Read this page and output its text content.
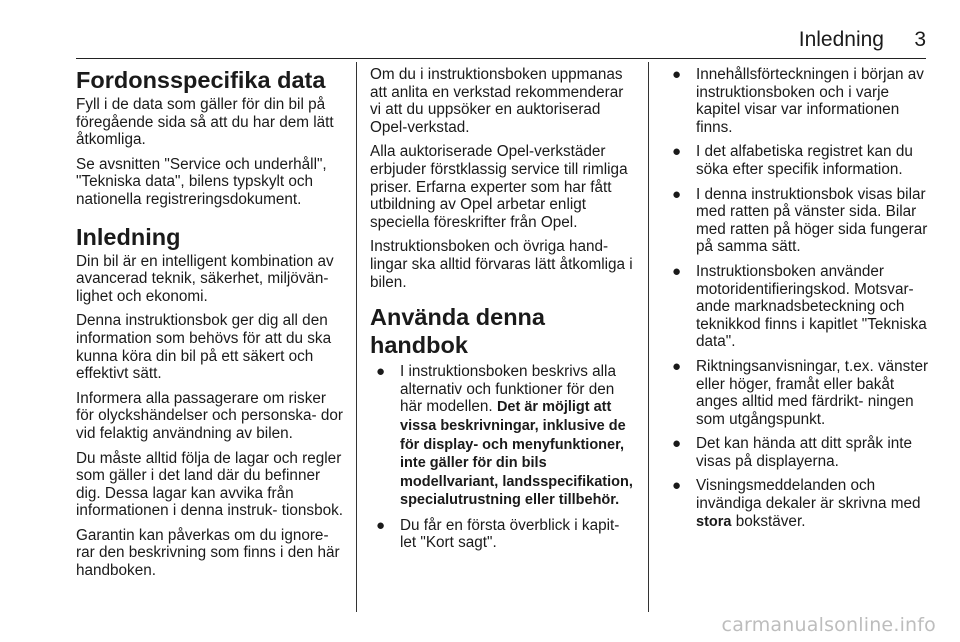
Inledning 3
Fordonsspecifika data

Fyll i de data som gäller för din bil på föregående sida så att du har dem lätt åtkomliga.

Se avsnitten "Service och underhåll", "Tekniska data", bilens typskylt och nationella registreringsdokument.

Inledning

Din bil är en intelligent kombination av avancerad teknik, säkerhet, miljövän- lighet och ekonomi.

Denna instruktionsbok ger dig all den information som behövs för att du ska kunna köra din bil på ett säkert och effektivt sätt.

Informera alla passagerare om risker för olyckshändelser och personska- dor vid felaktig användning av bilen.

Du måste alltid följa de lagar och regler som gäller i det land där du befinner dig. Dessa lagar kan avvika från informationen i denna instruk- tionsbok.

Garantin kan påverkas om du ignore- rar den beskrivning som finns i den här handboken.

Om du i instruktionsboken uppmanas att anlita en verkstad rekommenderar vi att du uppsöker en auktoriserad Opel-verkstad.

Alla auktoriserade Opel-verkstäder erbjuder förstklassig service till rimliga priser. Erfarna experter som har fått utbildning av Opel arbetar enligt speciella föreskrifter från Opel.

Instruktionsboken och övriga hand- lingar ska alltid förvaras lätt åtkomliga i bilen.

Använda denna handbok
● I instruktionsboken beskrivs alla alternativ och funktioner för den här modellen. Det är möjligt att vissa beskrivningar, inklusive de för display- och menyfunktioner, inte gäller för din bils modellvariant, landsspecifikation, specialutrustning eller tillbehör.
● Du får en första överblick i kapit- let "Kort sagt".
● Innehållsförteckningen i början av instruktionsboken och i varje kapitel visar var informationen finns.
● I det alfabetiska registret kan du söka efter specifik information.
● I denna instruktionsbok visas bilar med ratten på vänster sida. Bilar med ratten på höger sida fungerar på samma sätt.
● Instruktionsboken använder motoridentifieringskod. Motsvar- ande marknadsbeteckning och teknikkod finns i kapitlet "Tekniska data".
● Riktningsanvisningar, t.ex. vänster eller höger, framåt eller bakåt anges alltid med färdrikt- ningen som utgångspunkt.
● Det kan hända att ditt språk inte visas på displayerna.
● Visningsmeddelanden och invändiga dekaler är skrivna med stora bokstäver.
carmanualsonline.info
